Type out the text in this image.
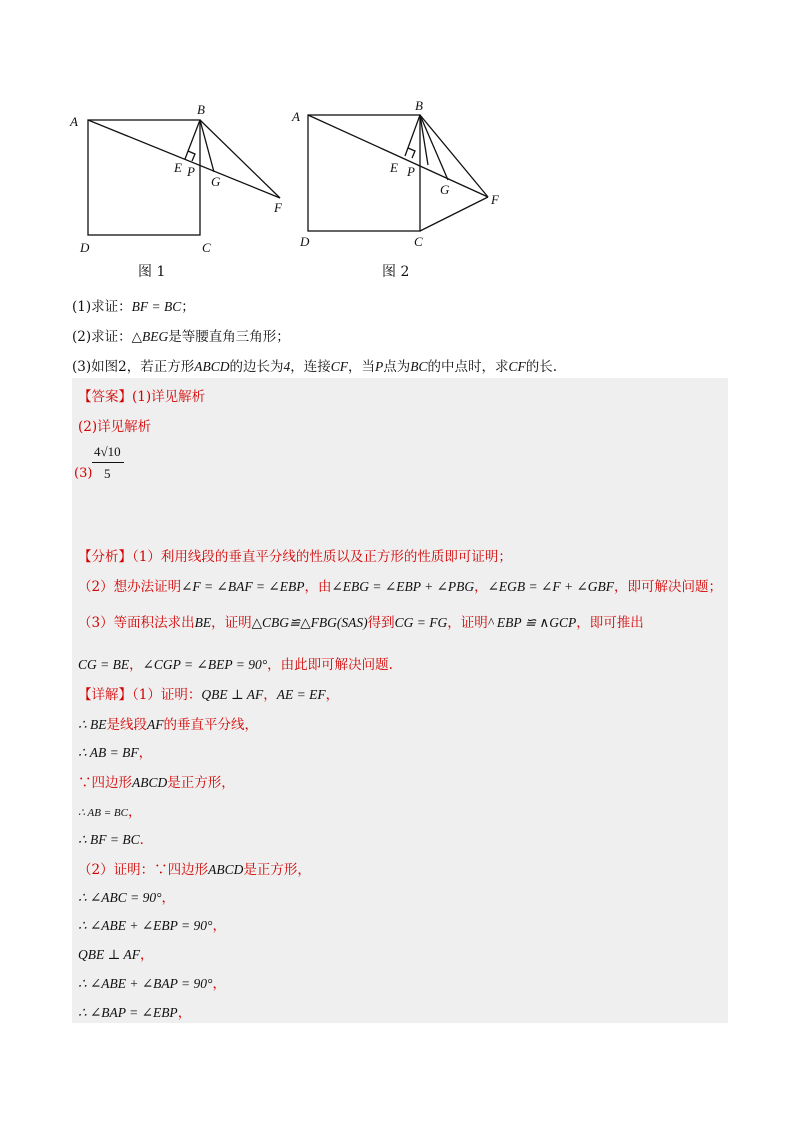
A
B
C
D
E P
G
F
A
B
C
D
E P
G
F
图 1	图 2
(1)求证：BF = BC；
(2)求证：△BEG是等腰直角三角形；
(3)如图2，若正方形ABCD的边长为4，连接CF，当P点为BC的中点时，求CF的长.
【答案】(1)详见解析
(2)详见解析
(3)
4√10
5
【分析】（1）利用线段的垂直平分线的性质以及正方形的性质即可证明；
（2）想办法证明∠F = ∠BAF = ∠EBP，由∠EBG = ∠EBP + ∠PBG，∠EGB = ∠F + ∠GBF，即可解决问题；
（3）等面积法求出BE，证明△CBG≌△FBG(SAS)得到CG = FG，证明^ EBP ≌ ∧GCP，即可推出
CG = BE，∠CGP = ∠BEP = 90°，由此即可解决问题.
【详解】（1）证明：QBE ⊥ AF，AE = EF，
∴ BE是线段AF的垂直平分线，
∴ AB = BF，
∵四边形ABCD是正方形，
∴ AB = BC，
∴ BF = BC．
（2）证明：∵四边形ABCD是正方形，
∴ ∠ABC = 90°，
∴ ∠ABE + ∠EBP = 90°，
QBE ⊥ AF，
∴ ∠ABE + ∠BAP = 90°，
∴ ∠BAP = ∠EBP，
